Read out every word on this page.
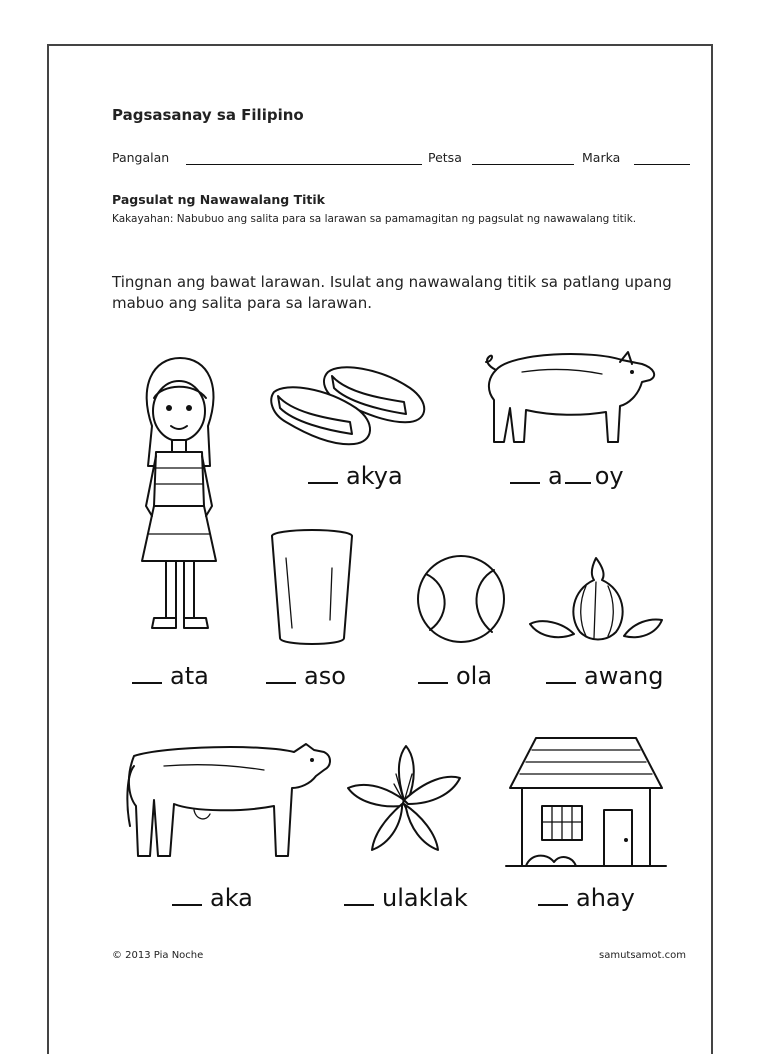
Pagsasanay sa Filipino
Pangalan	Petsa	Marka
Pagsulat ng Nawawalang Titik
Kakayahan: Nabubuo ang salita para sa larawan sa pamamagitan ng pagsulat ng nawawalang titik.
Tingnan ang bawat larawan. Isulat ang nawawalang titik sa patlang upang mabuo ang salita para sa larawan.
akya	a oy
ata	aso	ola	awang
aka	ulaklak	ahay
© 2013 Pia Noche	samutsamot.com
